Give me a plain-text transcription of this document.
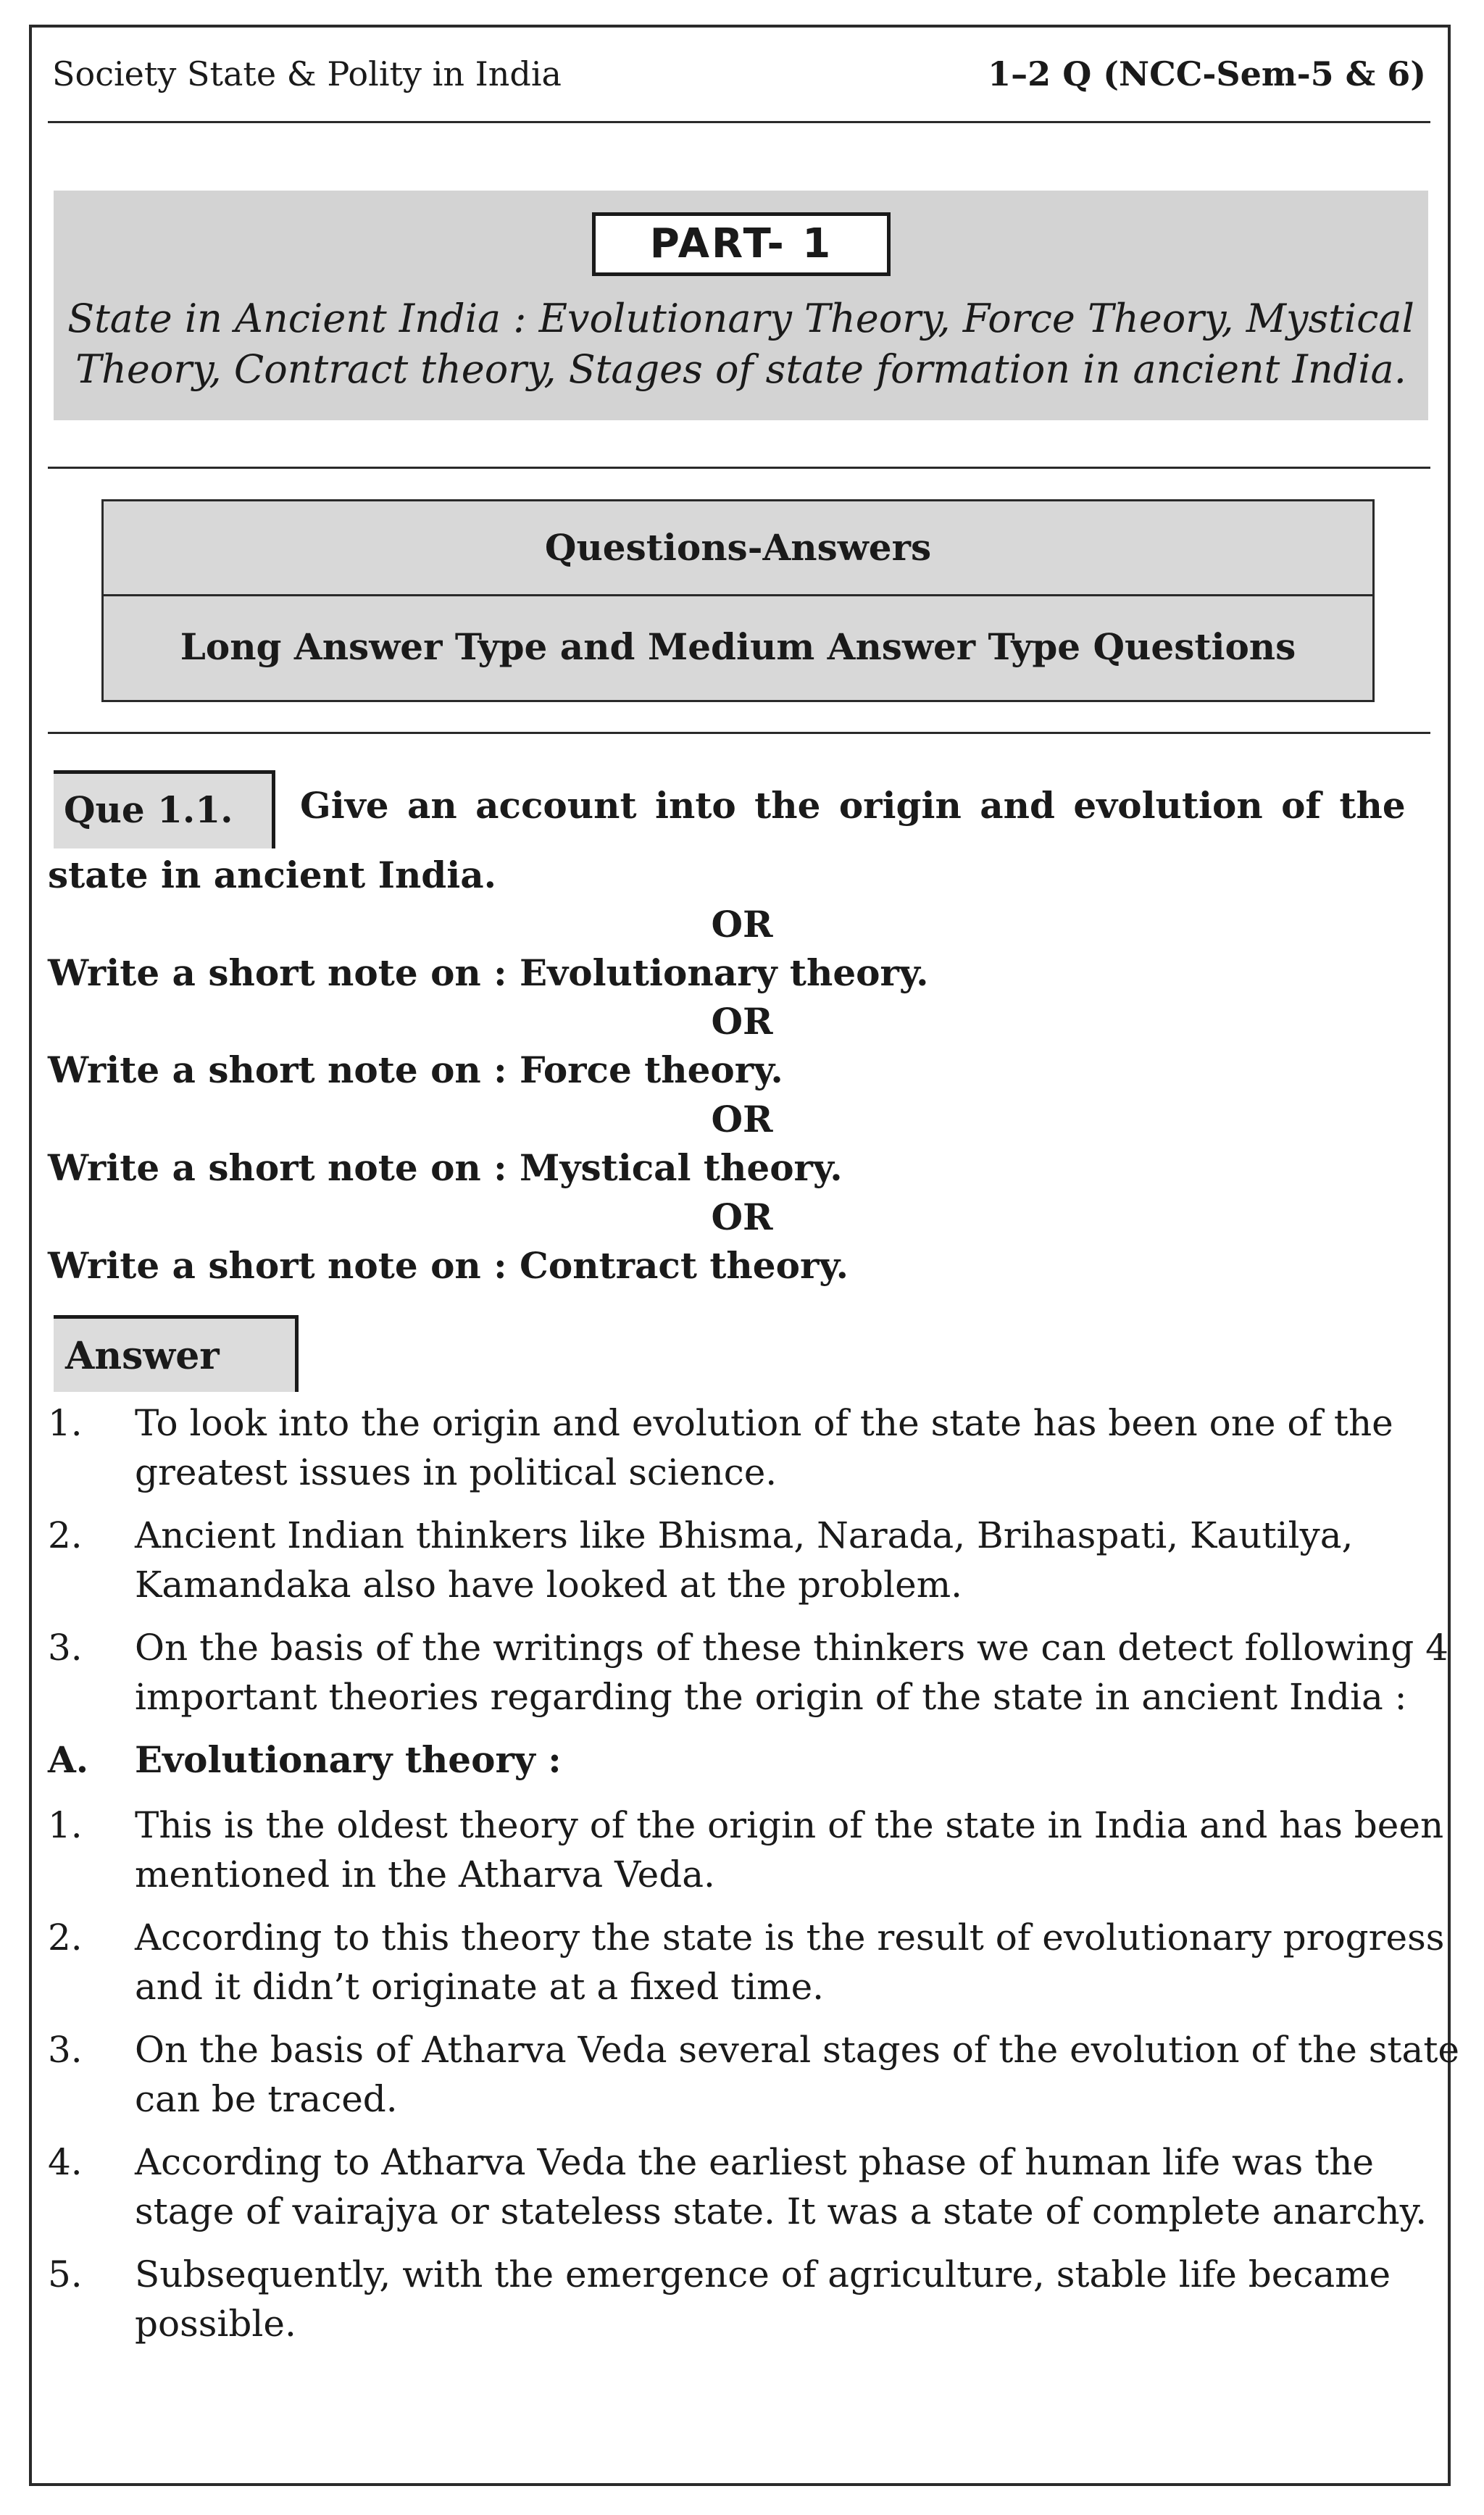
Society State & Polity in India	1–2 Q (NCC-Sem-5 & 6)
PART- 1
State in Ancient India : Evolutionary Theory, Force Theory, Mystical
Theory, Contract theory, Stages of state formation in ancient India.
Questions-Answers
Long Answer Type and Medium Answer Type Questions
Que 1.1.	Give an account into the origin and evolution of the
state in ancient India.
OR
Write a short note on : Evolutionary theory.
OR
Write a short note on : Force theory.
OR
Write a short note on : Mystical theory.
OR
Write a short note on : Contract theory.
Answer
1.	To look into the origin and evolution of the state has been one of the
greatest issues in political science.
2.	Ancient Indian thinkers like Bhisma, Narada, Brihaspati, Kautilya,
Kamandaka also have looked at the problem.
3.	On the basis of the writings of these thinkers we can detect following 4
important theories regarding the origin of the state in ancient India :
A.	Evolutionary theory :
1.	This is the oldest theory of the origin of the state in India and has been
mentioned in the Atharva Veda.
2.	According to this theory the state is the result of evolutionary progress
and it didn’t originate at a fixed time.
3.	On the basis of Atharva Veda several stages of the evolution of the state
can be traced.
4.	According to Atharva Veda the earliest phase of human life was the
stage of vairajya or stateless state. It was a state of complete anarchy.
5.	Subsequently, with the emergence of agriculture, stable life became
possible.
